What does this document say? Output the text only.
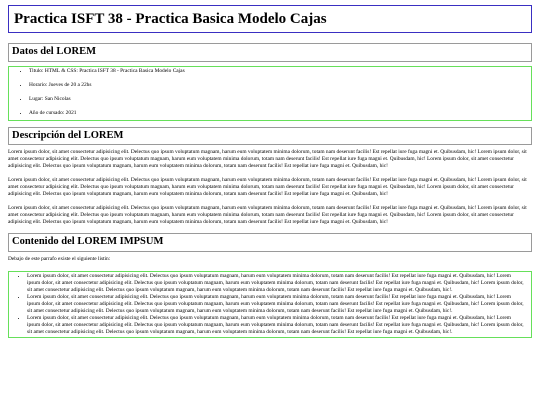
Practica ISFT 38 - Practica Basica Modelo Cajas
Datos del LOREM
• Titulo: HTML & CSS: Practica ISFT 38 - Practica Basica Modelo Cajas
• Horario: Jueves de 20 a 22hs
• Lugar: San Nicolas
• Año de cursado: 2021
Descripción del LOREM

Lorem ipsum dolor, sit amet consectetur adipisicing elit. Delectus quo ipsum voluptatum magnam, harum eum voluptatem minima dolorum, totam nam deserunt facilis! Est repellat iure fuga magni et. Quibusdam, hic! Lorem ipsum dolor, sit amet consectetur adipisicing elit. Delectus quo ipsum voluptatum magnam, harum eum voluptatem minima dolorum, totam nam deserunt facilis! Est repellat iure fuga magni et. Quibusdam, hic! Lorem ipsum dolor, sit amet consectetur adipisicing elit. Delectus quo ipsum voluptatum magnam, harum eum voluptatem minima dolorum, totam nam deserunt facilis! Est repellat iure fuga magni et. Quibusdam, hic!

Lorem ipsum dolor, sit amet consectetur adipisicing elit. Delectus quo ipsum voluptatum magnam, harum eum voluptatem minima dolorum, totam nam deserunt facilis! Est repellat iure fuga magni et. Quibusdam, hic! Lorem ipsum dolor, sit amet consectetur adipisicing elit. Delectus quo ipsum voluptatum magnam, harum eum voluptatem minima dolorum, totam nam deserunt facilis! Est repellat iure fuga magni et. Quibusdam, hic! Lorem ipsum dolor, sit amet consectetur adipisicing elit. Delectus quo ipsum voluptatum magnam, harum eum voluptatem minima dolorum, totam nam deserunt facilis! Est repellat iure fuga magni et. Quibusdam, hic!

Lorem ipsum dolor, sit amet consectetur adipisicing elit. Delectus quo ipsum voluptatum magnam, harum eum voluptatem minima dolorum, totam nam deserunt facilis! Est repellat iure fuga magni et. Quibusdam, hic! Lorem ipsum dolor, sit amet consectetur adipisicing elit. Delectus quo ipsum voluptatum magnam, harum eum voluptatem minima dolorum, totam nam deserunt facilis! Est repellat iure fuga magni et. Quibusdam, hic! Lorem ipsum dolor, sit amet consectetur adipisicing elit. Delectus quo ipsum voluptatum magnam, harum eum voluptatem minima dolorum, totam nam deserunt facilis! Est repellat iure fuga magni et. Quibusdam, hic!

Contenido del LOREM IMPSUM

Debajo de este parrafo existe el siguiente listin:

• Lorem ipsum dolor, sit amet consectetur adipisicing elit. Delectus quo ipsum voluptatum magnam, harum eum voluptatem minima dolorum, totam nam deserunt facilis! Est repellat iure fuga magni et. Quibusdam, hic! Lorem ipsum dolor, sit amet consectetur adipisicing elit. Delectus quo ipsum voluptatum magnam, harum eum voluptatem minima dolorum, totam nam deserunt facilis! Est repellat iure fuga magni et. Quibusdam, hic! Lorem ipsum dolor, sit amet consectetur adipisicing elit. Delectus quo ipsum voluptatum magnam, harum eum voluptatem minima dolorum, totam nam deserunt facilis! Est repellat iure fuga magni et. Quibusdam, hic!.
• Lorem ipsum dolor, sit amet consectetur adipisicing elit. Delectus quo ipsum voluptatum magnam, harum eum voluptatem minima dolorum, totam nam deserunt facilis! Est repellat iure fuga magni et. Quibusdam, hic! Lorem ipsum dolor, sit amet consectetur adipisicing elit. Delectus quo ipsum voluptatum magnam, harum eum voluptatem minima dolorum, totam nam deserunt facilis! Est repellat iure fuga magni et. Quibusdam, hic! Lorem ipsum dolor, sit amet consectetur adipisicing elit. Delectus quo ipsum voluptatum magnam, harum eum voluptatem minima dolorum, totam nam deserunt facilis! Est repellat iure fuga magni et. Quibusdam, hic!.
• Lorem ipsum dolor, sit amet consectetur adipisicing elit. Delectus quo ipsum voluptatum magnam, harum eum voluptatem minima dolorum, totam nam deserunt facilis! Est repellat iure fuga magni et. Quibusdam, hic! Lorem ipsum dolor, sit amet consectetur adipisicing elit. Delectus quo ipsum voluptatum magnam, harum eum voluptatem minima dolorum, totam nam deserunt facilis! Est repellat iure fuga magni et. Quibusdam, hic! Lorem ipsum dolor, sit amet consectetur adipisicing elit. Delectus quo ipsum voluptatum magnam, harum eum voluptatem minima dolorum, totam nam deserunt facilis! Est repellat iure fuga magni et. Quibusdam, hic!.
